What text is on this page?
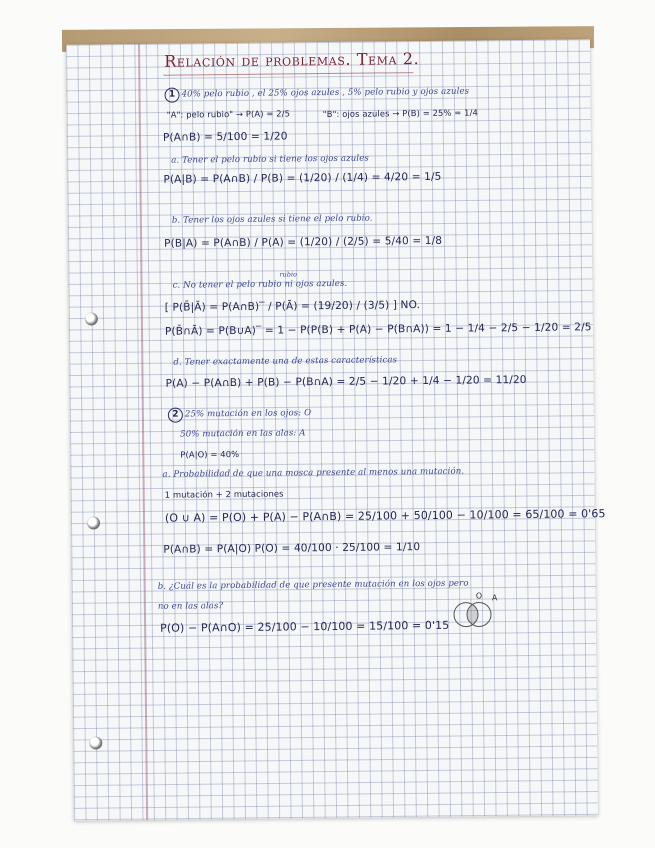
Relación de problemas. Tema 2.
1 40% pelo rubio , el 25% ojos azules , 5% pelo rubio y ojos azules
"A": pelo rubio" → P(A) = 2/5	"B": ojos azules → P(B) = 25% = 1/4
P(A∩B) = 5/100 = 1/20
a. Tener el pelo rubio si tiene los ojos azules
P(A|B) = P(A∩B) / P(B) = (1/20) / (1/4) = 4/20 = 1/5
b. Tener los ojos azules si tiene el pelo rubio.
P(B|A) = P(A∩B) / P(A) = (1/20) / (2/5) = 5/40 = 1/8
rubio
c. No tener el pelo rubio ni ojos azules.
[ P(B̄|Ā) = P(A∩B)‾ / P(Ā) = (19/20) / (3/5) ] NO.
P(B̄∩Ā) = P(B∪A)‾ = 1 − P(P(B) + P(A) − P(B∩A)) = 1 − 1/4 − 2/5 − 1/20 = 2/5
d. Tener exactamente una de estas características
P(A) − P(A∩B) + P(B) − P(B∩A) = 2/5 − 1/20 + 1/4 − 1/20 = 11/20
2 25% mutación en los ojos: O
50% mutación en las alas: A
P(A|O) = 40%
a. Probabilidad de que una mosca presente al menos una mutación.
1 mutación + 2 mutaciones
(O ∪ A) = P(O) + P(A) − P(A∩B) = 25/100 + 50/100 − 10/100 = 65/100 = 0'65
P(A∩B) = P(A|O) P(O) = 40/100 · 25/100 = 1/10
b. ¿Cuál es la probabilidad de que presente mutación en los ojos pero
no en las alas?
P(O) − P(A∩O) = 25/100 − 10/100 = 15/100 = 0'15
O A
